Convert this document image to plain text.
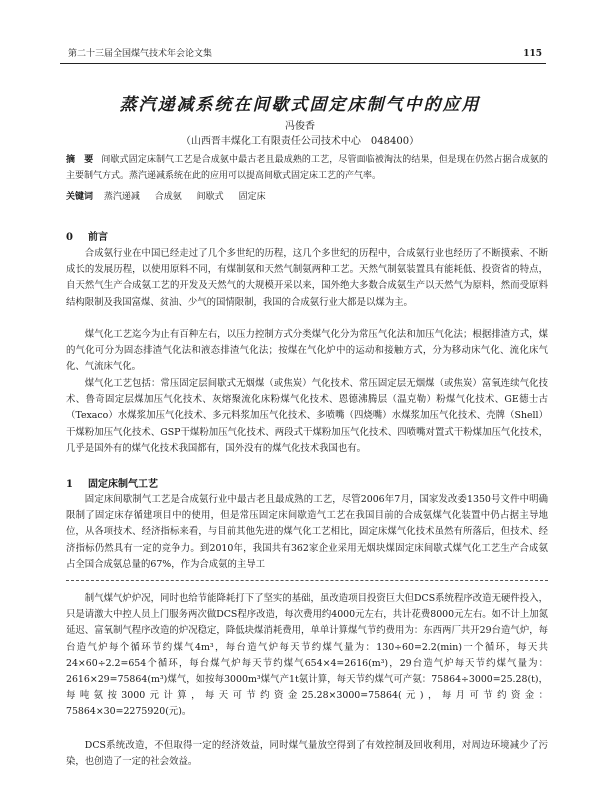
第二十三届全国煤气技术年会论文集	115
蒸汽递减系统在间歇式固定床制气中的应用
冯俊香
（山西晋丰煤化工有限责任公司技术中心　048400）
摘　要 间歇式固定床制气工艺是合成氨中最古老且最成熟的工艺，尽管面临被淘汰的结果，但是现在仍然占据合成氨的主要制气方式。蒸汽递减系统在此的应用可以提高间歇式固定床工艺的产气率。
关键词 蒸汽递减 合成氨 间歇式 固定床
0 前言
合成氨行业在中国已经走过了几个多世纪的历程，这几个多世纪的历程中，合成氨行业也经历了不断摸索、不断成长的发展历程，以使用原料不同，有煤制氨和天然气制氨两种工艺。天然气制氨装置具有能耗低、投资省的特点，自天然气生产合成氨工艺的开发及天然气的大规模开采以来，国外绝大多数合成氨生产以天然气为原料，然而受原料结构限制及我国富煤、贫油、少气的国情限制，我国的合成氨行业大都是以煤为主。
煤气化工艺迄今为止有百种左右，以压力控制方式分类煤气化分为常压气化法和加压气化法；根据排渣方式，煤的气化可分为固态排渣气化法和液态排渣气化法；按煤在气化炉中的运动和接触方式，分为移动床气化、流化床气化、气流床气化。
煤气化工艺包括：常压固定层间歇式无烟煤（或焦炭）气化技术、常压固定层无烟煤（或焦炭）富氧连续气化技术、鲁奇固定层煤加压气化技术、灰熔聚流化床粉煤气化技术、恩德沸腾层（温克勒）粉煤气化技术、GE德士古（Texaco）水煤浆加压气化技术、多元料浆加压气化技术、多喷嘴（四烧嘴）水煤浆加压气化技术、壳牌（Shell）干煤粉加压气化技术、GSP干煤粉加压气化技术、两段式干煤粉加压气化技术、四喷嘴对置式干粉煤加压气化技术，几乎是国外有的煤气化技术我国都有，国外没有的煤气化技术我国也有。
1 固定床制气工艺
固定床间歇制气工艺是合成氨行业中最古老且最成熟的工艺，尽管2006年7月，国家发改委1350号文件中明确限制了固定床存循建项目中的使用，但是常压固定床间歇造气工艺在我国目前的合成氨煤气化装置中仍占据主导地位，从各项技术、经济指标来看，与目前其他先进的煤气化工艺相比，固定床煤气化技术虽然有所落后，但技术、经济指标仍然具有一定的竞争力。到2010年，我国共有362家企业采用无烟块煤固定床间歇式煤气化工艺生产合成氨占全国合成氨总量的67%，作为合成氨的主导工
制气煤气炉炉况，同时也给节能降耗打下了坚实的基础，虽改造项目投资巨大但DCS系统程序改造无硬件投入，只是请激大中控人员上门服务两次做DCS程序改造，每次费用约4000元左右，共计花费8000元左右。如不计上加氮延迟、富氧制气程序改造的炉况稳定，降低块煤消耗费用，单单计算煤气节约费用为：东西两厂共开29台造气炉，每台造气炉每个循环节约煤气4m³，每台造气炉每天节约煤气量为：130÷60=2.2(min)一个循环，每天共24×60÷2.2=654个循环，每台煤气炉每天节约煤气654×4=2616(m³)，29台造气炉每天节约煤气量为：2616×29=75864(m³)煤气，如按每3000m³煤气产1t氨计算，每天节约煤气可产氨：75864÷3000=25.28(t)，每吨氨按3000元计算，每天可节约资金25.28×3000=75864(元)，每月可节约资金：75864×30=2275920(元)。
DCS系统改造，不但取得一定的经济效益，同时煤气量放空得到了有效控制及回收利用，对周边环境减少了污染，也创造了一定的社会效益。
